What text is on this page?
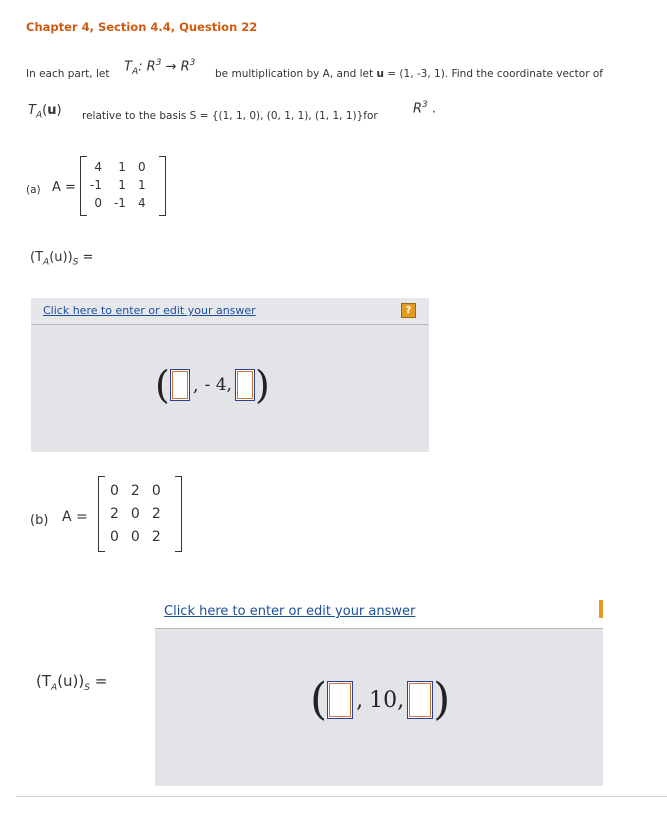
Chapter 4, Section 4.4, Question 22
In each part, let $T_A$: $R^3 \to R^3$
be multiplication by A, and let u = (1, -3, 1). Find the coordinate vector of
$T_A(u)$ relative to the basis S = {(1, 1, 0), (0, 1, 1), (1, 1, 1)}for	$R^3$ .
(a) A =
4	1	0
-1	1	1
0	-1	4
$(T_A(u))_S$ =
Click here to enter or edit your answer	?
( , - 4, )
(b) A =
0	2	0
2	0	2
0	0	2
$(T_A(u))_S$ =
Click here to enter or edit your answer
( , 10, )
